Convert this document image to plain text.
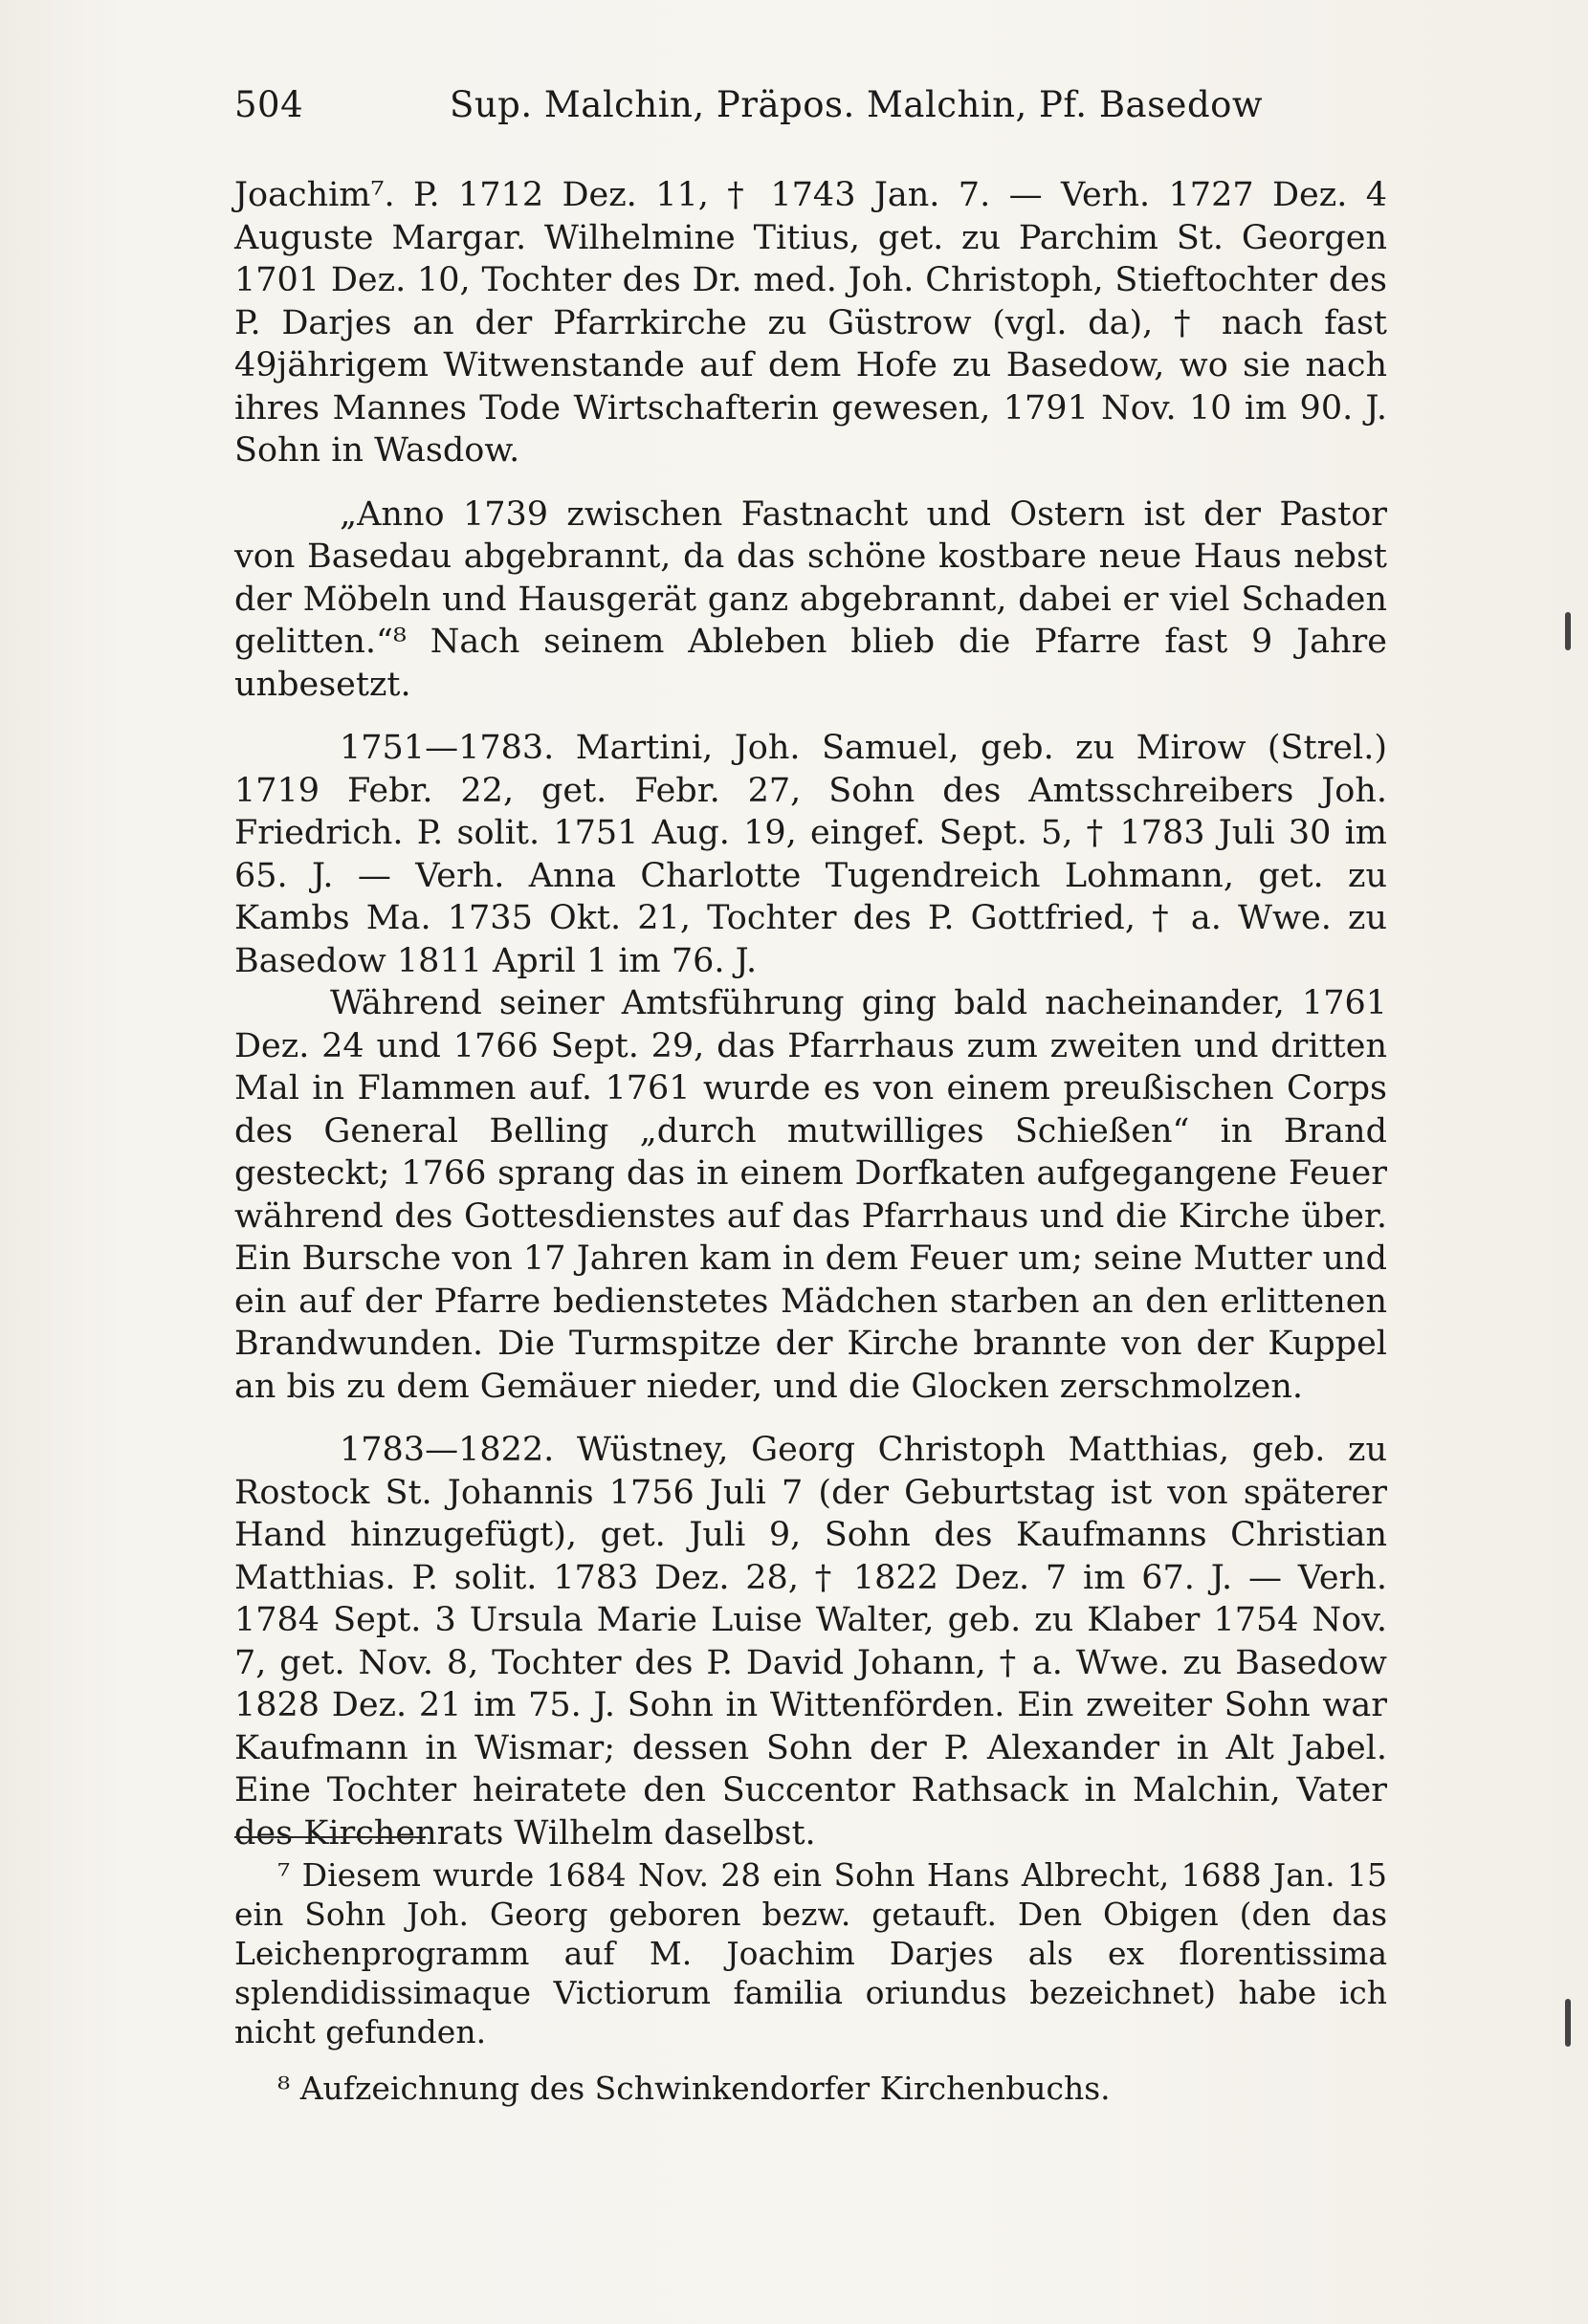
504	Sup. Malchin, Präpos. Malchin, Pf. Basedow

Joachim⁷. P. 1712 Dez. 11, † 1743 Jan. 7. — Verh. 1727 Dez. 4 Auguste Margar. Wilhelmine Titius, get. zu Parchim St. Georgen 1701 Dez. 10, Tochter des Dr. med. Joh. Christoph, Stieftochter des P. Darjes an der Pfarrkirche zu Güstrow (vgl. da), † nach fast 49jährigem Witwenstande auf dem Hofe zu Basedow, wo sie nach ihres Mannes Tode Wirtschafterin gewesen, 1791 Nov. 10 im 90. J. Sohn in Wasdow.

„Anno 1739 zwischen Fastnacht und Ostern ist der Pastor von Basedau abgebrannt, da das schöne kostbare neue Haus nebst der Möbeln und Hausgerät ganz abgebrannt, dabei er viel Schaden gelitten.“⁸ Nach seinem Ableben blieb die Pfarre fast 9 Jahre unbesetzt.

1751—1783. Martini, Joh. Samuel, geb. zu Mirow (Strel.) 1719 Febr. 22, get. Febr. 27, Sohn des Amtsschreibers Joh. Friedrich. P. solit. 1751 Aug. 19, eingef. Sept. 5, † 1783 Juli 30 im 65. J. — Verh. Anna Charlotte Tugendreich Lohmann, get. zu Kambs Ma. 1735 Okt. 21, Tochter des P. Gottfried, † a. Wwe. zu Basedow 1811 April 1 im 76. J.

Während seiner Amtsführung ging bald nacheinander, 1761 Dez. 24 und 1766 Sept. 29, das Pfarrhaus zum zweiten und dritten Mal in Flammen auf. 1761 wurde es von einem preußischen Corps des General Belling „durch mutwilliges Schießen“ in Brand gesteckt; 1766 sprang das in einem Dorfkaten aufgegangene Feuer während des Gottesdienstes auf das Pfarrhaus und die Kirche über. Ein Bursche von 17 Jahren kam in dem Feuer um; seine Mutter und ein auf der Pfarre bedienstetes Mädchen starben an den erlittenen Brandwunden. Die Turmspitze der Kirche brannte von der Kuppel an bis zu dem Gemäuer nieder, und die Glocken zerschmolzen.

1783—1822. Wüstney, Georg Christoph Matthias, geb. zu Rostock St. Johannis 1756 Juli 7 (der Geburtstag ist von späterer Hand hinzugefügt), get. Juli 9, Sohn des Kaufmanns Christian Matthias. P. solit. 1783 Dez. 28, † 1822 Dez. 7 im 67. J. — Verh. 1784 Sept. 3 Ursula Marie Luise Walter, geb. zu Klaber 1754 Nov. 7, get. Nov. 8, Tochter des P. David Johann, † a. Wwe. zu Basedow 1828 Dez. 21 im 75. J. Sohn in Wittenförden. Ein zweiter Sohn war Kaufmann in Wismar; dessen Sohn der P. Alexander in Alt Jabel. Eine Tochter heiratete den Succentor Rathsack in Malchin, Vater des Kirchenrats Wilhelm daselbst.

⁷ Diesem wurde 1684 Nov. 28 ein Sohn Hans Albrecht, 1688 Jan. 15 ein Sohn Joh. Georg geboren bezw. getauft. Den Obigen (den das Leichenprogramm auf M. Joachim Darjes als ex florentissima splendidissimaque Victiorum familia oriundus bezeichnet) habe ich nicht gefunden.

⁸ Aufzeichnung des Schwinkendorfer Kirchenbuchs.
